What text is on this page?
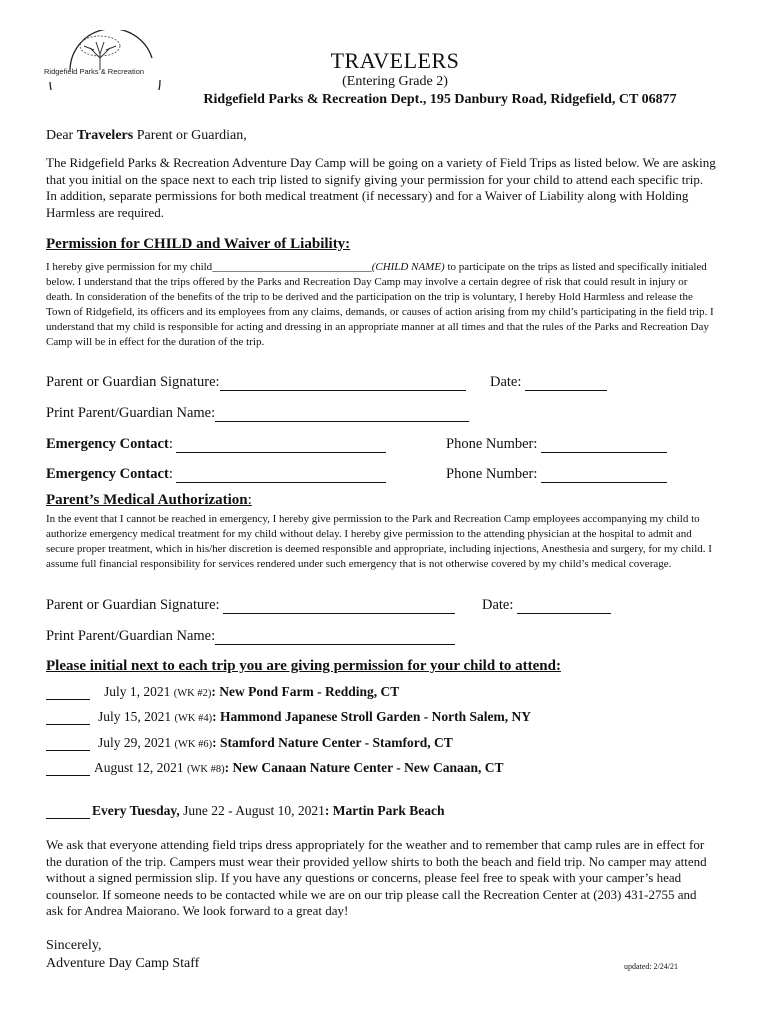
Ridgefield Parks & Recreation	TRAVELERS
(Entering Grade 2)
Ridgefield Parks & Recreation Dept., 195 Danbury Road, Ridgefield, CT 06877
Dear Travelers Parent or Guardian,
The Ridgefield Parks & Recreation Adventure Day Camp will be going on a variety of Field Trips as listed below. We are asking that you initial on the space next to each trip listed to signify giving your permission for your child to attend each specific trip. In addition, separate permissions for both medical treatment (if necessary) and for a Waiver of Liability along with Holding Harmless are required.
Permission for CHILD and Waiver of Liability:
I hereby give permission for my child_____________________________(CHILD NAME) to participate on the trips as listed and specifically initialed below. I understand that the trips offered by the Parks and Recreation Day Camp may involve a certain degree of risk that could result in injury or death. In consideration of the benefits of the trip to be derived and the participation on the trip is voluntary, I hereby Hold Harmless and release the Town of Ridgefield, its officers and its employees from any claims, demands, or causes of action arising from my child’s participating in the field trip. I understand that my child is responsible for acting and dressing in an appropriate manner at all times and that the rules of the Parks and Recreation Day Camp will be in effect for the duration of the trip.
Parent or Guardian Signature:	Date:
Print Parent/Guardian Name:
Emergency Contact:	Phone Number:
Emergency Contact:	Phone Number:
Parent’s Medical Authorization:
In the event that I cannot be reached in emergency, I hereby give permission to the Park and Recreation Camp employees accompanying my child to authorize emergency medical treatment for my child without delay. I hereby give permission to the attending physician at the hospital to admit and secure proper treatment, which in his/her discretion is deemed responsible and appropriate, including injections, Anesthesia and surgery, for my child. I assume full financial responsibility for services rendered under such emergency that is not otherwise covered by my child’s medical coverage.
Parent or Guardian Signature:	Date:
Print Parent/Guardian Name:
Please initial next to each trip you are giving permission for your child to attend:
July 1, 2021 (WK #2): New Pond Farm - Redding, CT
July 15, 2021 (WK #4): Hammond Japanese Stroll Garden - North Salem, NY
July 29, 2021 (WK #6): Stamford Nature Center - Stamford, CT
August 12, 2021 (WK #8): New Canaan Nature Center - New Canaan, CT
Every Tuesday, June 22 - August 10, 2021: Martin Park Beach
We ask that everyone attending field trips dress appropriately for the weather and to remember that camp rules are in effect for the duration of the trip. Campers must wear their provided yellow shirts to both the beach and field trip. No camper may attend without a signed permission slip. If you have any questions or concerns, please feel free to speak with your camper’s head counselor. If someone needs to be contacted while we are on our trip please call the Recreation Center at (203) 431-2755 and ask for Andrea Maiorano. We look forward to a great day!
Sincerely,
Adventure Day Camp Staff	updated: 2/24/21
